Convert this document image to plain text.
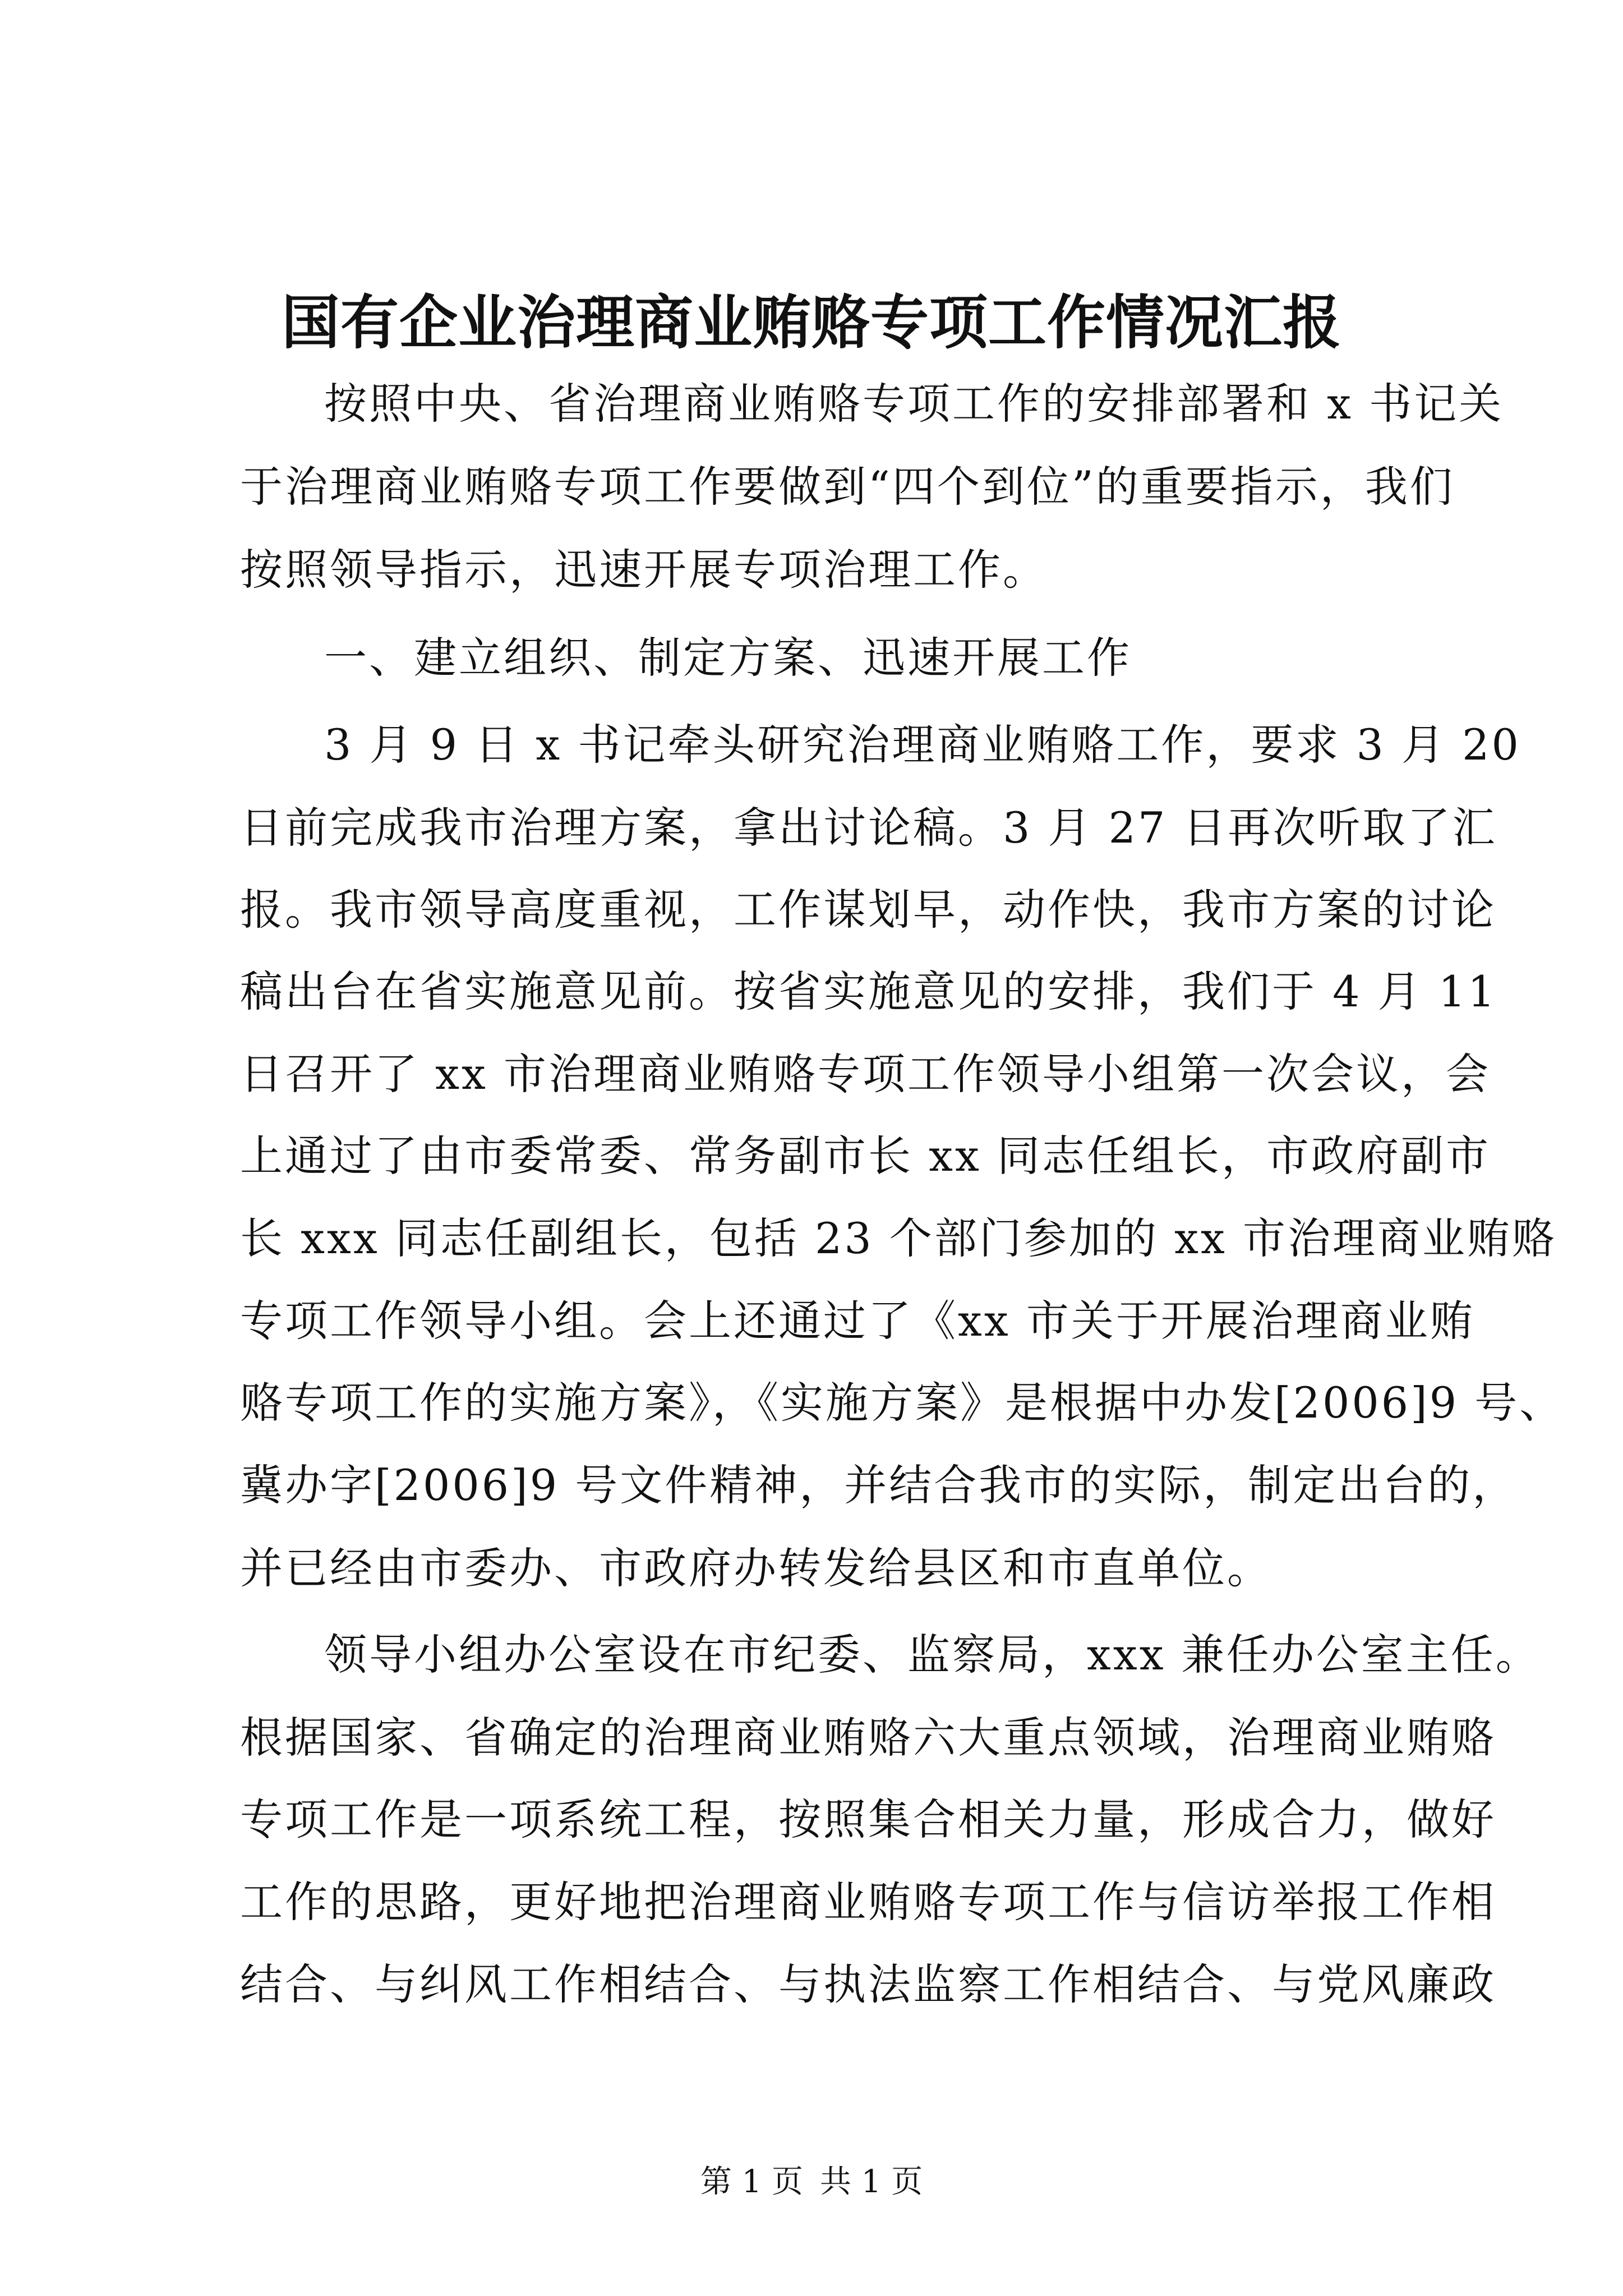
国有企业治理商业贿赂专项工作情况汇报
按照中央、省治理商业贿赂专项工作的安排部署和 x 书记关
于治理商业贿赂专项工作要做到“四个到位”的重要指示，我们
按照领导指示，迅速开展专项治理工作。
一、建立组织、制定方案、迅速开展工作
3 月 9 日 x 书记牵头研究治理商业贿赂工作，要求 3 月 20
日前完成我市治理方案，拿出讨论稿。3 月 27 日再次听取了汇
报。我市领导高度重视，工作谋划早，动作快，我市方案的讨论
稿出台在省实施意见前。按省实施意见的安排，我们于 4 月 11
日召开了 xx 市治理商业贿赂专项工作领导小组第一次会议，会
上通过了由市委常委、常务副市长 xx 同志任组长，市政府副市
长 xxx 同志任副组长，包括 23 个部门参加的 xx 市治理商业贿赂
专项工作领导小组。会上还通过了《xx 市关于开展治理商业贿
赂专项工作的实施方案》，《实施方案》是根据中办发[2006]9 号、
冀办字[2006]9 号文件精神，并结合我市的实际，制定出台的，
并已经由市委办、市政府办转发给县区和市直单位。
领导小组办公室设在市纪委、监察局，xxx 兼任办公室主任。
根据国家、省确定的治理商业贿赂六大重点领域，治理商业贿赂
专项工作是一项系统工程，按照集合相关力量，形成合力，做好
工作的思路，更好地把治理商业贿赂专项工作与信访举报工作相
结合、与纠风工作相结合、与执法监察工作相结合、与党风廉政
第 1 页 共 1 页
